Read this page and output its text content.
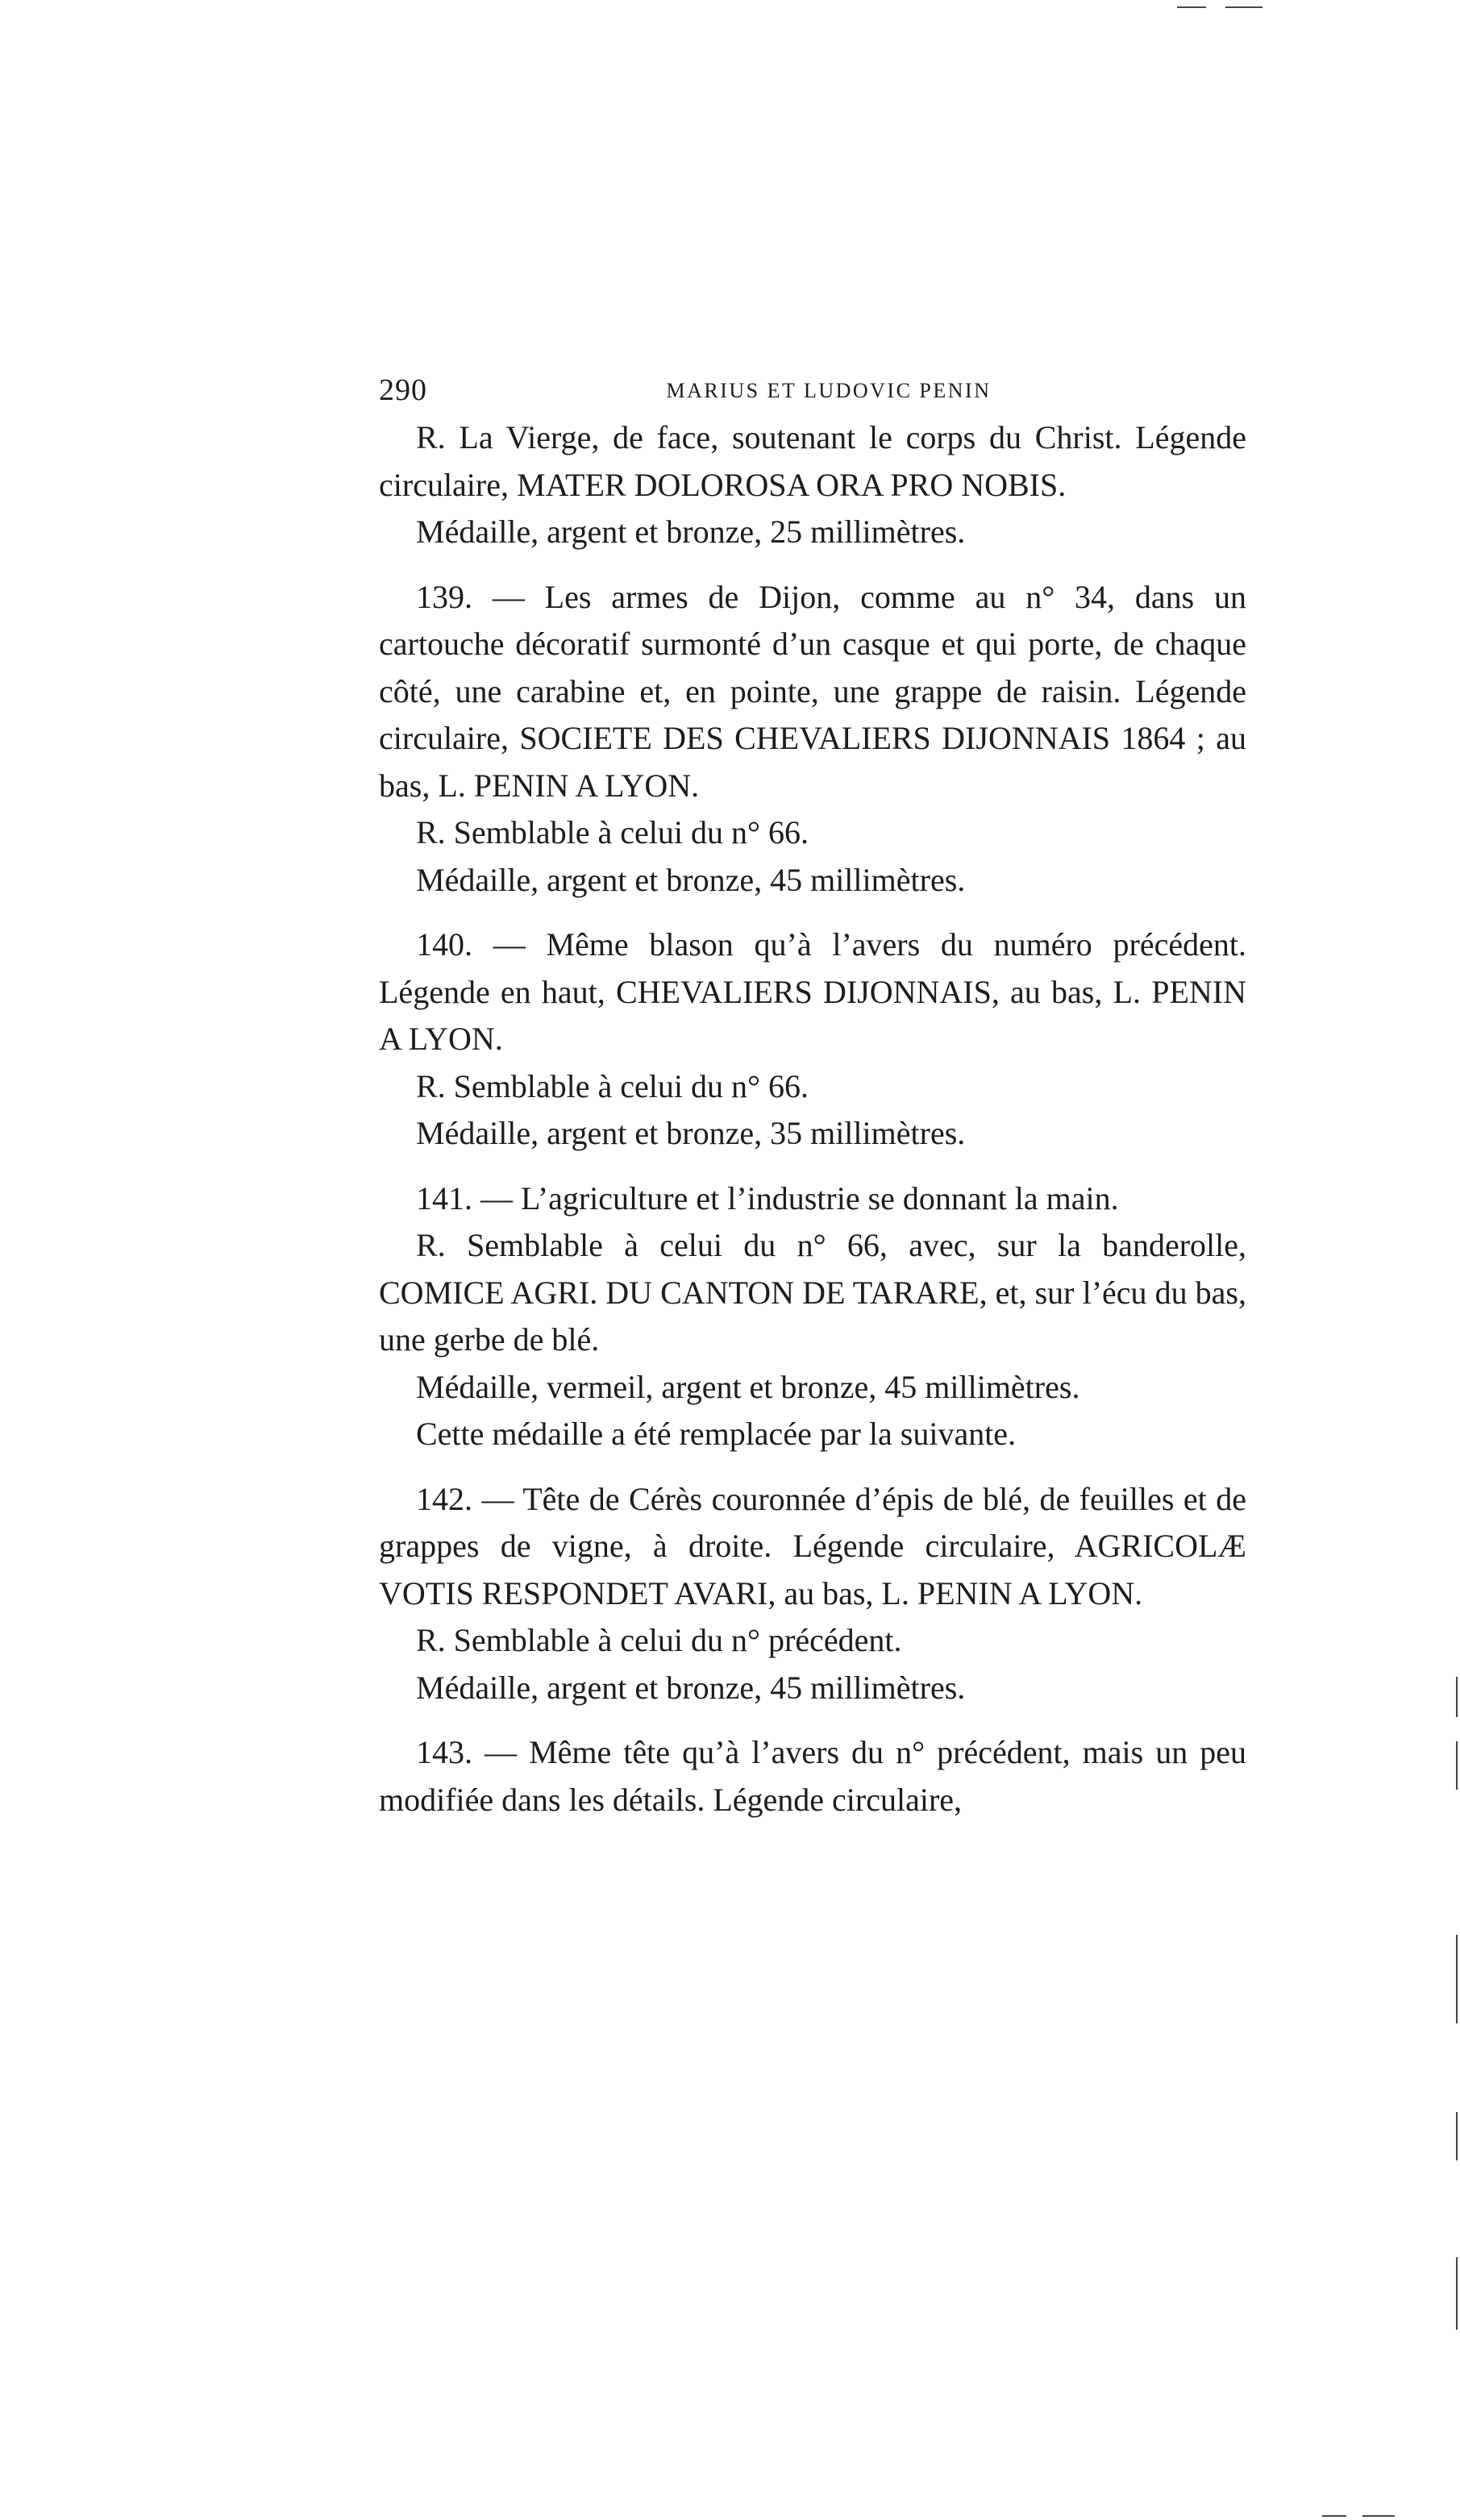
290	MARIUS ET LUDOVIC PENIN

R. La Vierge, de face, soutenant le corps du Christ. Légende circulaire, MATER DOLOROSA ORA PRO NOBIS.

Médaille, argent et bronze, 25 millimètres.

139. — Les armes de Dijon, comme au n° 34, dans un cartouche décoratif surmonté d’un casque et qui porte, de chaque côté, une carabine et, en pointe, une grappe de raisin. Légende circulaire, SOCIETE DES CHEVALIERS DIJONNAIS 1864 ; au bas, L. PENIN A LYON.

R. Semblable à celui du n° 66.

Médaille, argent et bronze, 45 millimètres.

140. — Même blason qu’à l’avers du numéro précédent. Légende en haut, CHEVALIERS DIJONNAIS, au bas, L. PENIN A LYON.

R. Semblable à celui du n° 66.

Médaille, argent et bronze, 35 millimètres.

141. — L’agriculture et l’industrie se donnant la main.

R. Semblable à celui du n° 66, avec, sur la banderolle, COMICE AGRI. DU CANTON DE TARARE, et, sur l’écu du bas, une gerbe de blé.

Médaille, vermeil, argent et bronze, 45 millimètres.

Cette médaille a été remplacée par la suivante.

142. — Tête de Cérès couronnée d’épis de blé, de feuilles et de grappes de vigne, à droite. Légende circulaire, AGRICOLÆ VOTIS RESPONDET AVARI, au bas, L. PENIN A LYON.

R. Semblable à celui du n° précédent.

Médaille, argent et bronze, 45 millimètres.

143. — Même tête qu’à l’avers du n° précédent, mais un peu modifiée dans les détails. Légende circulaire,
